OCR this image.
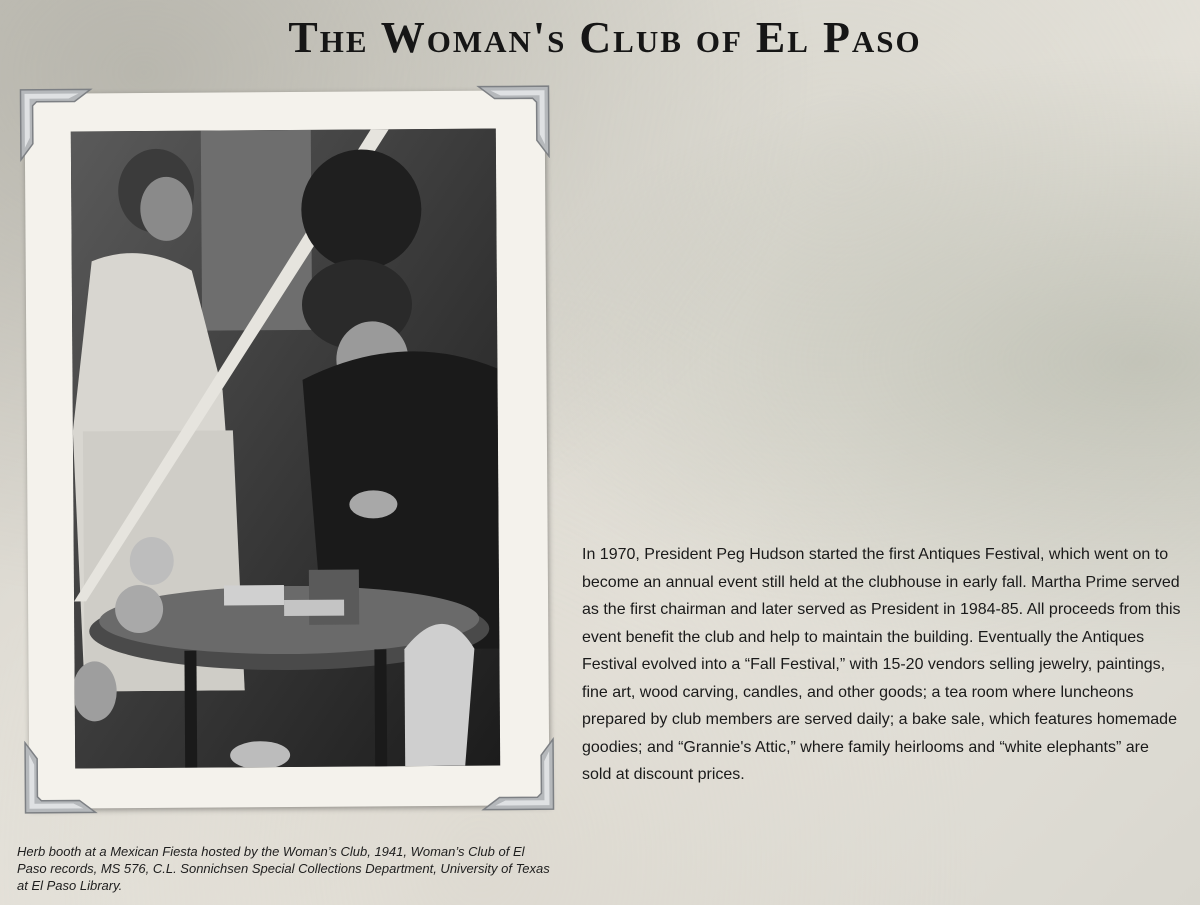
The Woman's Club of El Paso
Herb booth at a Mexican Fiesta hosted by the Woman’s Club, 1941, Woman’s Club of El Paso records, MS 576, C.L. Sonnichsen Special Collections Department, University of Texas at El Paso Library.
In 1970, President Peg Hudson started the first Antiques Festival, which went on to become an annual event still held at the clubhouse in early fall. Martha Prime served as the first chairman and later served as President in 1984-85. All proceeds from this event benefit the club and help to maintain the building. Eventually the Antiques Festival evolved into a “Fall Festival,” with 15-20 vendors selling jewelry, paintings, fine art, wood carving, candles, and other goods; a tea room where luncheons prepared by club members are served daily; a bake sale, which features homemade goodies; and “Grannie's Attic,” where family heirlooms and “white elephants” are sold at discount prices.
